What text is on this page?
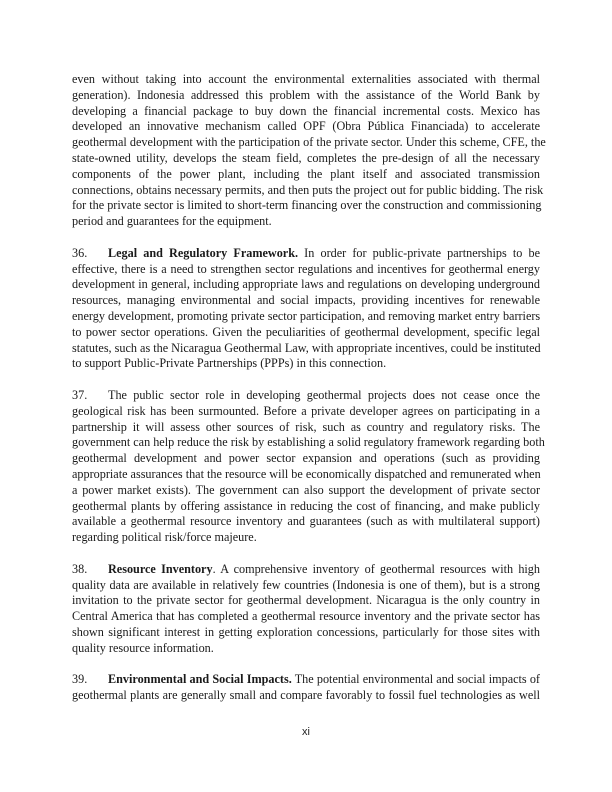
even without taking into account the environmental externalities associated with thermal
generation). Indonesia addressed this problem with the assistance of the World Bank by
developing a financial package to buy down the financial incremental costs. Mexico has
developed an innovative mechanism called OPF (Obra Pública Financiada) to accelerate
geothermal development with the participation of the private sector. Under this scheme, CFE, the
state-owned utility, develops the steam field, completes the pre-design of all the necessary
components of the power plant, including the plant itself and associated transmission
connections, obtains necessary permits, and then puts the project out for public bidding. The risk
for the private sector is limited to short-term financing over the construction and commissioning
period and guarantees for the equipment.
36. Legal and Regulatory Framework. In order for public-private partnerships to be
effective, there is a need to strengthen sector regulations and incentives for geothermal energy
development in general, including appropriate laws and regulations on developing underground
resources, managing environmental and social impacts, providing incentives for renewable
energy development, promoting private sector participation, and removing market entry barriers
to power sector operations. Given the peculiarities of geothermal development, specific legal
statutes, such as the Nicaragua Geothermal Law, with appropriate incentives, could be instituted
to support Public-Private Partnerships (PPPs) in this connection.
37. The public sector role in developing geothermal projects does not cease once the
geological risk has been surmounted. Before a private developer agrees on participating in a
partnership it will assess other sources of risk, such as country and regulatory risks. The
government can help reduce the risk by establishing a solid regulatory framework regarding both
geothermal development and power sector expansion and operations (such as providing
appropriate assurances that the resource will be economically dispatched and remunerated when
a power market exists). The government can also support the development of private sector
geothermal plants by offering assistance in reducing the cost of financing, and make publicly
available a geothermal resource inventory and guarantees (such as with multilateral support)
regarding political risk/force majeure.
38. Resource Inventory. A comprehensive inventory of geothermal resources with high
quality data are available in relatively few countries (Indonesia is one of them), but is a strong
invitation to the private sector for geothermal development. Nicaragua is the only country in
Central America that has completed a geothermal resource inventory and the private sector has
shown significant interest in getting exploration concessions, particularly for those sites with
quality resource information.
39. Environmental and Social Impacts. The potential environmental and social impacts of
geothermal plants are generally small and compare favorably to fossil fuel technologies as well
xi
